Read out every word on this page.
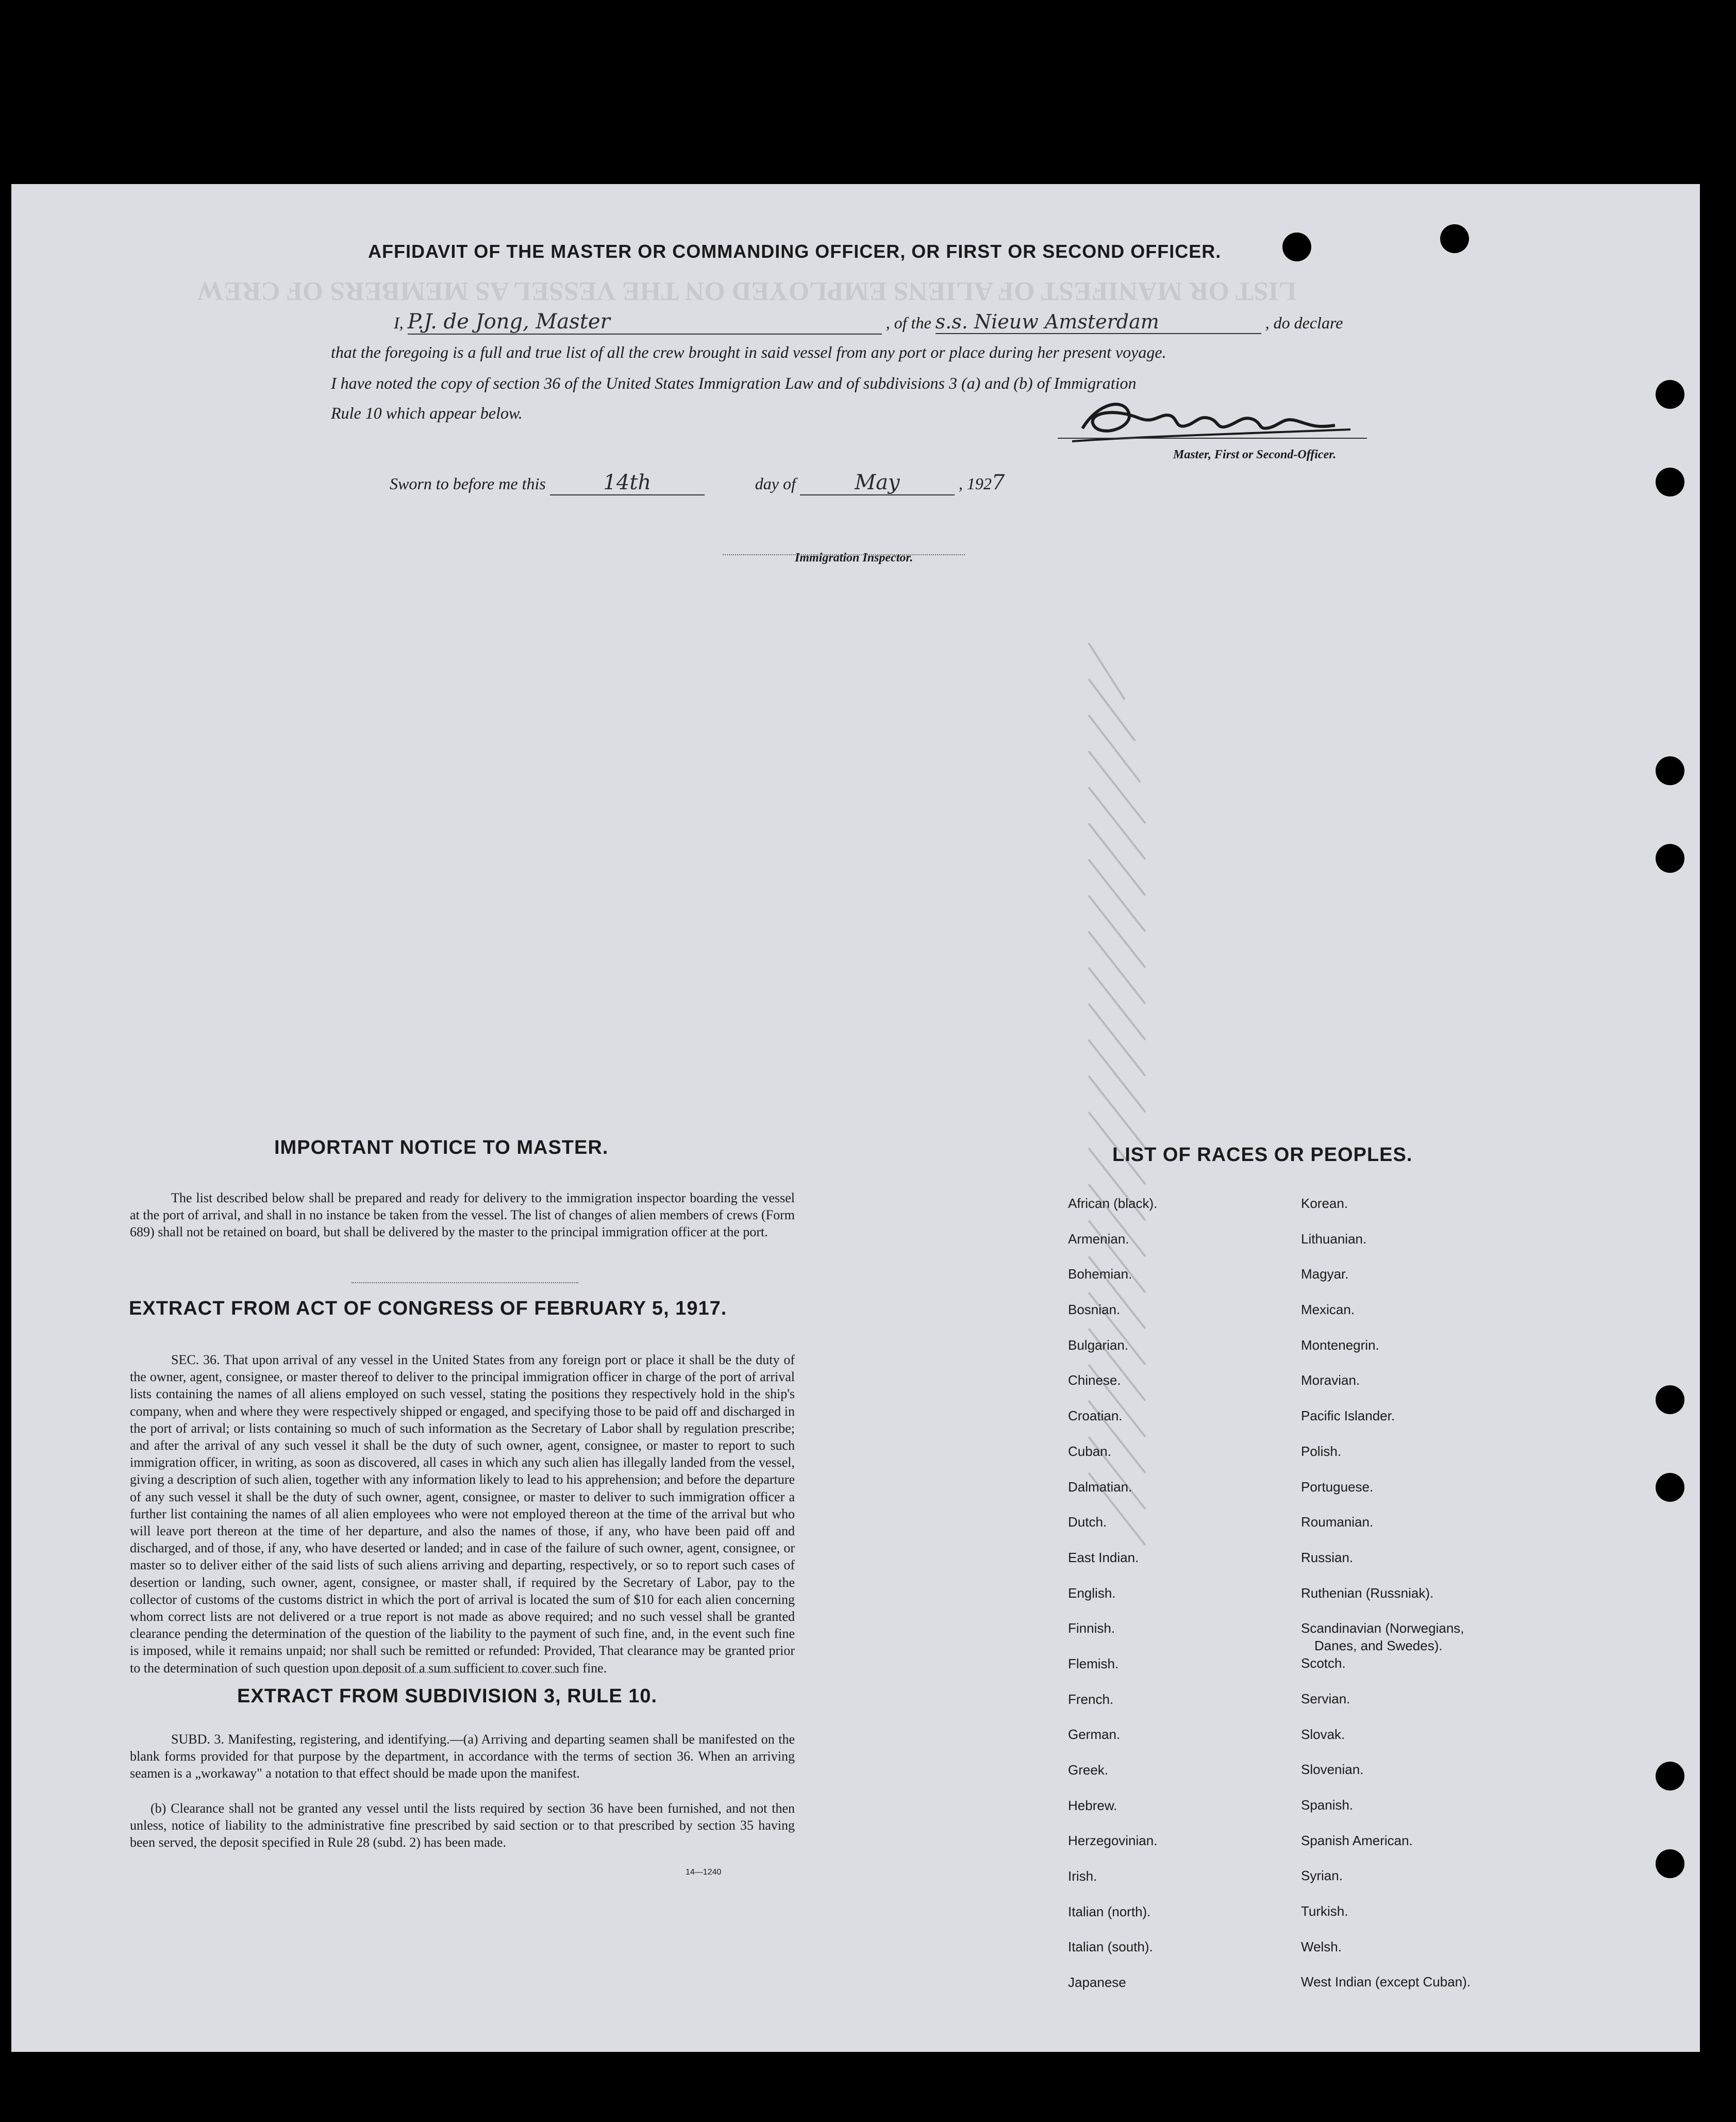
LIST OR MANIFEST OF ALIENS EMPLOYED ON THE VESSEL AS MEMBERS OF CREW
AFFIDAVIT OF THE MASTER OR COMMANDING OFFICER, OR FIRST OR SECOND OFFICER.
I, P.J. de Jong, Master	, of the s.s. Nieuw Amsterdam	, do declare
that the foregoing is a full and true list of all the crew brought in said vessel from any port or place during her present voyage.
I have noted the copy of section 36 of the United States Immigration Law and of subdivisions 3 (a) and (b) of Immigration
Rule 10 which appear below.
Master, First or Second-Officer.
Sworn to before me this	14th	day of	May	, 1927
Immigration Inspector.
IMPORTANT NOTICE TO MASTER.
The list described below shall be prepared and ready for delivery to the immigration inspector boarding the vessel at the port of arrival, and shall in no instance be taken from the vessel. The list of changes of alien members of crews (Form 689) shall not be retained on board, but shall be delivered by the master to the principal immigration officer at the port.
EXTRACT FROM ACT OF CONGRESS OF FEBRUARY 5, 1917.
SEC. 36. That upon arrival of any vessel in the United States from any foreign port or place it shall be the duty of the owner, agent, consignee, or master thereof to deliver to the principal immigration officer in charge of the port of arrival lists containing the names of all aliens employed on such vessel, stating the positions they respectively hold in the ship's company, when and where they were respectively shipped or engaged, and specifying those to be paid off and discharged in the port of arrival; or lists containing so much of such information as the Secretary of Labor shall by regulation prescribe; and after the arrival of any such vessel it shall be the duty of such owner, agent, consignee, or master to report to such immigration officer, in writing, as soon as discovered, all cases in which any such alien has illegally landed from the vessel, giving a description of such alien, together with any information likely to lead to his apprehension; and before the departure of any such vessel it shall be the duty of such owner, agent, consignee, or master to deliver to such immigration officer a further list containing the names of all alien employees who were not employed thereon at the time of the arrival but who will leave port thereon at the time of her departure, and also the names of those, if any, who have been paid off and discharged, and of those, if any, who have deserted or landed; and in case of the failure of such owner, agent, consignee, or master so to deliver either of the said lists of such aliens arriving and departing, respectively, or so to report such cases of desertion or landing, such owner, agent, consignee, or master shall, if required by the Secretary of Labor, pay to the collector of customs of the customs district in which the port of arrival is located the sum of $10 for each alien concerning whom correct lists are not delivered or a true report is not made as above required; and no such vessel shall be granted clearance pending the determination of the question of the liability to the payment of such fine, and, in the event such fine is imposed, while it remains unpaid; nor shall such be remitted or refunded: Provided, That clearance may be granted prior to the determination of such question upon deposit of a sum sufficient to cover such fine.
EXTRACT FROM SUBDIVISION 3, RULE 10.
SUBD. 3. Manifesting, registering, and identifying.—(a) Arriving and departing seamen shall be manifested on the blank forms provided for that purpose by the department, in accordance with the terms of section 36. When an arriving seamen is a „workaway" a notation to that effect should be made upon the manifest.
(b) Clearance shall not be granted any vessel until the lists required by section 36 have been furnished, and not then unless, notice of liability to the administrative fine prescribed by said section or to that prescribed by section 35 having been served, the deposit specified in Rule 28 (subd. 2) has been made.
14—1240
LIST OF RACES OR PEOPLES.
African (black).
Armenian.
Bohemian.
Bosnian.
Bulgarian.
Chinese.
Croatian.
Cuban.
Dalmatian.
Dutch.
East Indian.
English.
Finnish.
Flemish.
French.
German.
Greek.
Hebrew.
Herzegovinian.
Irish.
Italian (north).
Italian (south).
Japanese
Korean.
Lithuanian.
Magyar.
Mexican.
Montenegrin.
Moravian.
Pacific Islander.
Polish.
Portuguese.
Roumanian.
Russian.
Ruthenian (Russniak).
Scandinavian (Norwegians,
Danes, and Swedes).
Scotch.
Servian.
Slovak.
Slovenian.
Spanish.
Spanish American.
Syrian.
Turkish.
Welsh.
West Indian (except Cuban).
